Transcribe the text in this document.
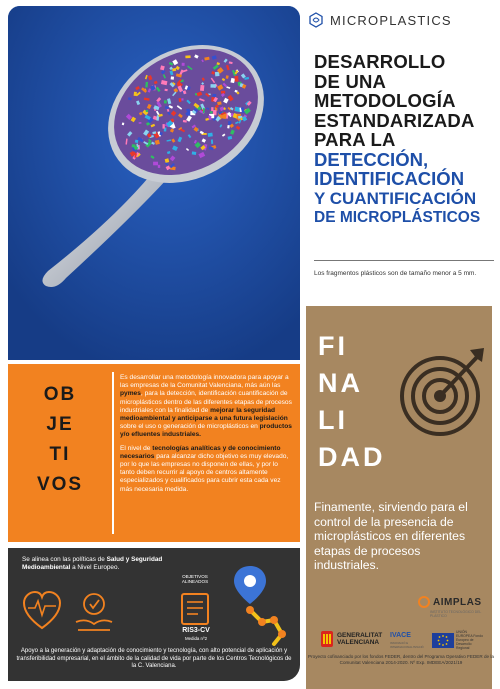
MICROPLASTICS
DESARROLLO
DE UNA
METODOLOGÍA
ESTANDARIZADA
PARA LA
DETECCIÓN,
IDENTIFICACIÓN
Y CUANTIFICACIÓN
DE MICROPLÁSTICOS
Los fragmentos plásticos son de tamaño menor a 5 mm.
FI
NA
LI
DAD
Finamente, sirviendo para el control de la presencia de microplásticos en diferentes etapas de procesos industriales.
OB
JE
TI
VOS

Es desarrollar una metodología innovadora para apoyar a las empresas de la Comunitat Valenciana, más aún las pymes, para la detección, identificación cuantificación de microplásticos dentro de las diferentes etapas de procesos industriales con la finalidad de mejorar la seguridad medioambiental y anticiparse a una futura legislación sobre el uso o generación de microplásticos en productos y/o efluentes industriales.

El nivel de tecnologías analíticas y de conocimiento necesarios para alcanzar dicho objetivo es muy elevado, por lo que las empresas no disponen de ellas, y por lo tanto deben recurrir al apoyo de centros altamente especializados y cualificados para cubrir esta cada vez más necesaria medida.

Se alinea con las políticas de Salud y Seguridad Medioambiental a Nivel Europeo.
OBJETIVOS ALINEADOS
RIS3-CV
Medida nº2
Apoyo a la generación y adaptación de conocimiento y tecnología, con alto potencial de aplicación y transferibilidad empresarial, en el ámbito de la calidad de vida por parte de los Centros Tecnológicos de la C. Valenciana.
AIMPLAS
INSTITUTO TECNOLÓGICO DEL PLÁSTICO
GENERALITAT
VALENCIANA
IVACE
INNOVACIÓ E INTERNACIONALITZACIÓ
UNIÓN EUROPEA Fondo Europeo de Desarrollo Regional
Proyecto cofinanciado por los fondos FEDER, dentro del Programa Operativo FEDER de la Comunitat Valenciana 2014-2020. Nº Exp. IMDEEA/2021/19
